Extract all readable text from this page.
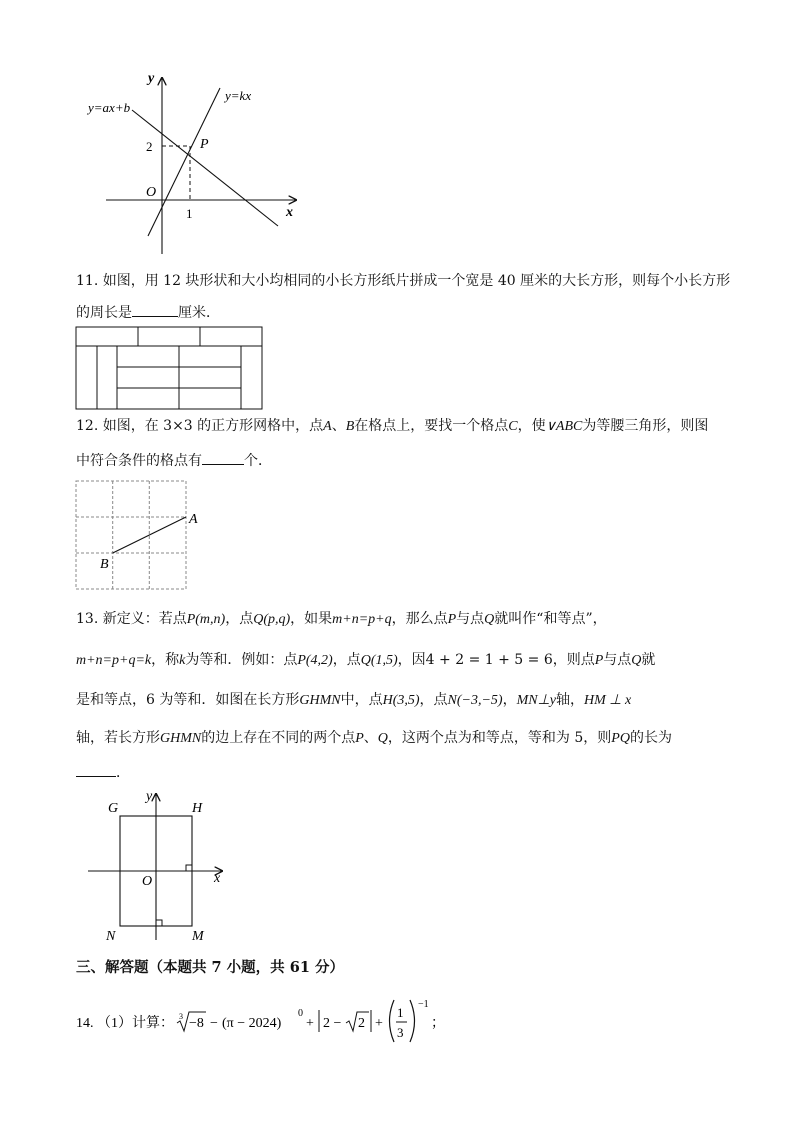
y
x
y=ax+b
y=kx
P
O
2
1
11. 如图，用 12 块形状和大小均相同的小长方形纸片拼成一个宽是 40 厘米的大长方形，则每个小长方形
的周长是	厘米．
12. 如图，在 3×3 的正方形网格中，点A、B在格点上，要找一个格点C，使∨ABC为等腰三角形，则图
中符合条件的格点有	个．
A
B
13. 新定义：若点P(m,n)，点Q(p,q)，如果m+n=p+q，那么点P与点Q就叫作“和等点”，
m+n=p+q=k，称k为等和．例如：点P(4,2)，点Q(1,5)，因4 + 2 = 1 + 5 = 6，则点P与点Q就
是和等点，6 为等和．如图在长方形GHMN中，点H(3,5)，点N(−3,−5)，MN⊥y轴，HM ⊥ x
轴，若长方形GHMN的边上存在不同的两个点P、Q，这两个点为和等点，等和为 5，则PQ的长为
．
G	H
N	M
O	x
y
三、解答题（本题共 7 小题，共 61 分）
14. （1）计算： 3 −8 − (π − 2024)
0
+ 2 − 2 +
1
3
−1
；
